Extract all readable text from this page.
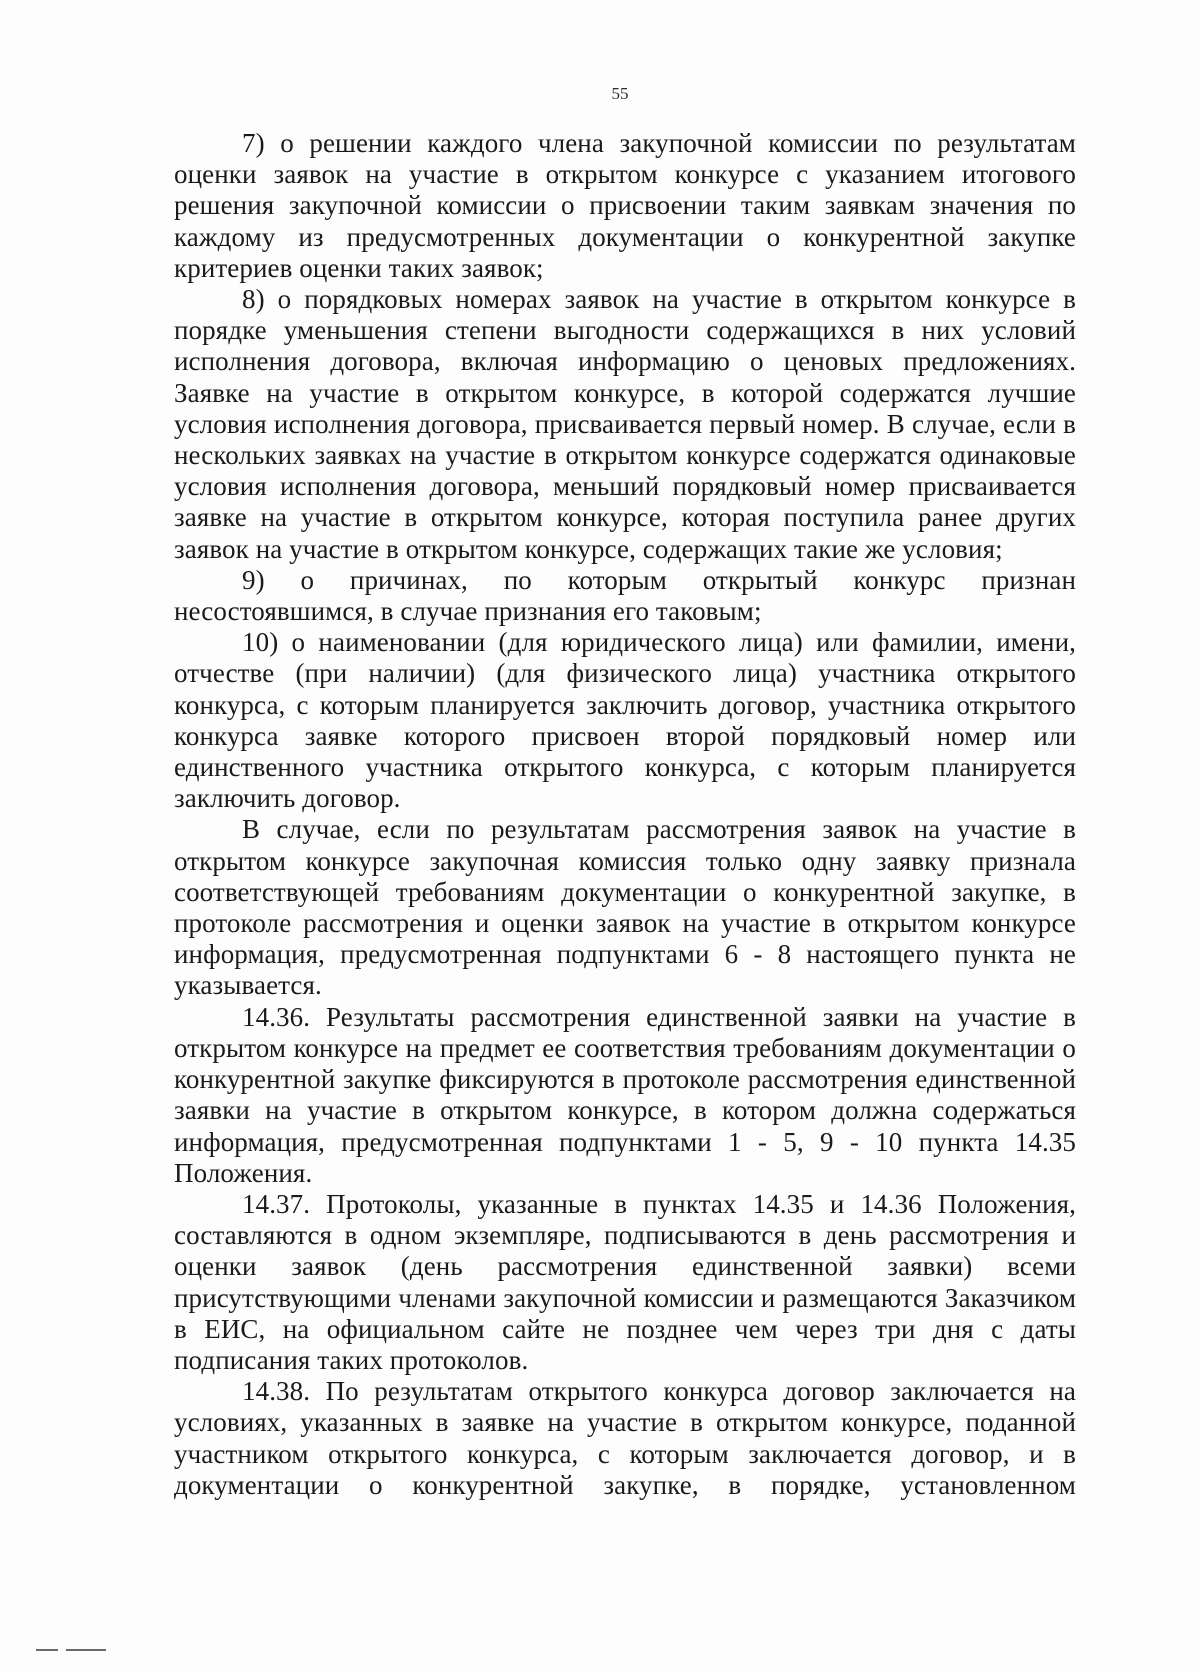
55

7) о решении каждого члена закупочной комиссии по результатам оценки заявок на участие в открытом конкурсе с указанием итогового решения закупочной комиссии о присвоении таким заявкам значения по каждому из предусмотренных документации о конкурентной закупке критериев оценки таких заявок;

8) о порядковых номерах заявок на участие в открытом конкурсе в порядке уменьшения степени выгодности содержащихся в них условий исполнения договора, включая информацию о ценовых предложениях. Заявке на участие в открытом конкурсе, в которой содержатся лучшие условия исполнения договора, присваивается первый номер. В случае, если в нескольких заявках на участие в открытом конкурсе содержатся одинаковые условия исполнения договора, меньший порядковый номер присваивается заявке на участие в открытом конкурсе, которая поступила ранее других заявок на участие в открытом конкурсе, содержащих такие же условия;

9) о причинах, по которым открытый конкурс признан несостоявшимся, в случае признания его таковым;

10) о наименовании (для юридического лица) или фамилии, имени, отчестве (при наличии) (для физического лица) участника открытого конкурса, с которым планируется заключить договор, участника открытого конкурса заявке которого присвоен второй порядковый номер или единственного участника открытого конкурса, с которым планируется заключить договор.

В случае, если по результатам рассмотрения заявок на участие в открытом конкурсе закупочная комиссия только одну заявку признала соответствующей требованиям документации о конкурентной закупке, в протоколе рассмотрения и оценки заявок на участие в открытом конкурсе информация, предусмотренная подпунктами 6 - 8 настоящего пункта не указывается.

14.36. Результаты рассмотрения единственной заявки на участие в открытом конкурсе на предмет ее соответствия требованиям документации о конкурентной закупке фиксируются в протоколе рассмотрения единственной заявки на участие в открытом конкурсе, в котором должна содержаться информация, предусмотренная подпунктами 1 - 5, 9 - 10 пункта 14.35 Положения.

14.37. Протоколы, указанные в пунктах 14.35 и 14.36 Положения, составляются в одном экземпляре, подписываются в день рассмотрения и оценки заявок (день рассмотрения единственной заявки) всеми присутствующими членами закупочной комиссии и размещаются Заказчиком в ЕИС, на официальном сайте не позднее чем через три дня с даты подписания таких протоколов.

14.38. По результатам открытого конкурса договор заключается на условиях, указанных в заявке на участие в открытом конкурсе, поданной участником открытого конкурса, с которым заключается договор, и в документации о конкурентной закупке, в порядке, установленном
